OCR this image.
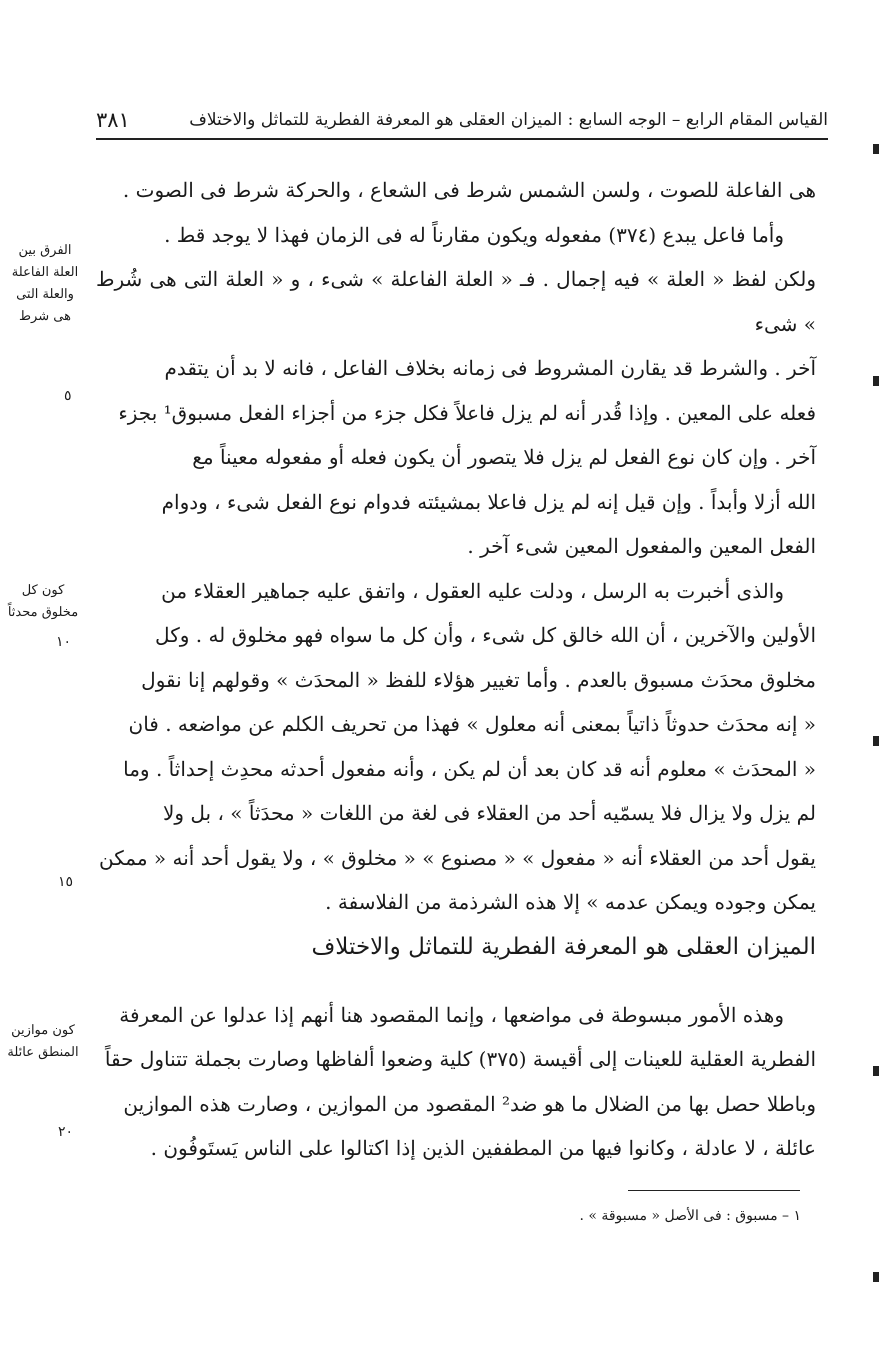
القياس المقام الرابع – الوجه السابع : الميزان العقلى هو المعرفة الفطرية للتماثل والاختلاف
٣٨١

هى الفاعلة للصوت ، ولسن الشمس شرط فى الشعاع ، والحركة شرط فى الصوت .

وأما فاعل يبدع (٣٧٤) مفعوله ويكون مقارناً له فى الزمان فهذا لا يوجد قط .

ولكن لفظ « العلة » فيه إجمال . فـ « العلة الفاعلة » شىء ، و « العلة التى هى شُرط » شىء

آخر . والشرط قد يقارن المشروط فى زمانه بخلاف الفاعل ، فانه لا بد أن يتقدم

فعله على المعين . وإذا قُدر أنه لم يزل فاعلاً فكل جزء من أجزاء الفعل مسبوق¹ بجزء

آخر . وإن كان نوع الفعل لم يزل فلا يتصور أن يكون فعله أو مفعوله معيناً مع

الله أزلا وأبداً . وإن قيل إنه لم يزل فاعلا بمشيئته فدوام نوع الفعل شىء ، ودوام

الفعل المعين والمفعول المعين شىء آخر .

والذى أخبرت به الرسل ، ودلت عليه العقول ، واتفق عليه جماهير العقلاء من

الأولين والآخرين ، أن الله خالق كل شىء ، وأن كل ما سواه فهو مخلوق له . وكل

مخلوق محدَث مسبوق بالعدم . وأما تغيير هؤلاء للفظ « المحدَث » وقولهم إنا نقول

« إنه محدَث حدوثاً ذاتياً بمعنى أنه معلول » فهذا من تحريف الكلم عن مواضعه . فان

« المحدَث » معلوم أنه قد كان بعد أن لم يكن ، وأنه مفعول أحدثه محدِث إحداثاً . وما

لم يزل ولا يزال فلا يسمّيه أحد من العقلاء فى لغة من اللغات « محدَثاً » ، بل ولا

يقول أحد من العقلاء أنه « مفعول » « مصنوع » « مخلوق » ، ولا يقول أحد أنه « ممكن

يمكن وجوده ويمكن عدمه » إلا هذه الشرذمة من الفلاسفة .

الميزان العقلى هو المعرفة الفطرية للتماثل والاختلاف

وهذه الأمور مبسوطة فى مواضعها ، وإنما المقصود هنا أنهم إذا عدلوا عن المعرفة

الفطرية العقلية للعينات إلى أقيسة (٣٧٥) كلية وضعوا ألفاظها وصارت بجملة تتناول حقاً

وباطلا حصل بها من الضلال ما هو ضد² المقصود من الموازين ، وصارت هذه الموازين

عائلة ، لا عادلة ، وكانوا فيها من المطففين الذين إذا اكتالوا على الناس يَستَوفُون .

الفرق بين العلة الفاعلة والعلة التى هى شرط
كون كل مخلوق محدثاً
كون موازين المنطق عائلة
٥
١٠
١٥
٢٠
١ – مسبوق : فى الأصل « مسبوقة » .
